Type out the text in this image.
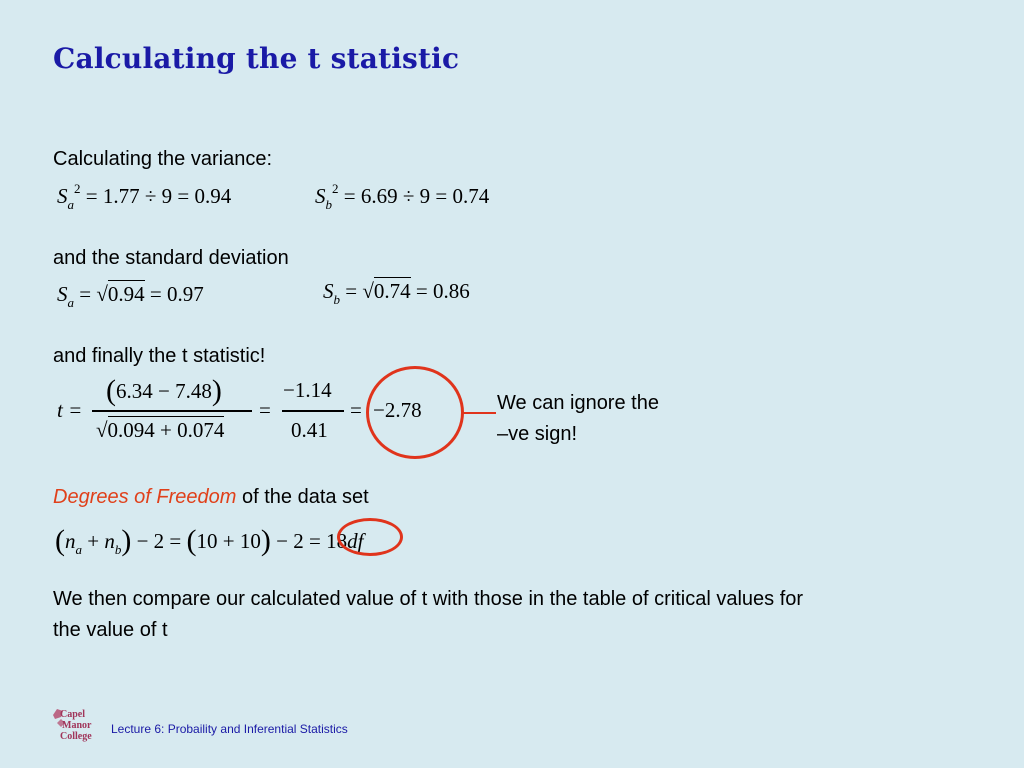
Calculating the t statistic
Calculating the variance:
$S_a^2 = 1.77 \div 9 = 0.94$	$S_b^2 = 6.69 \div 9 = 0.74$
and the standard deviation
$S_a = √0.94 = 0.97$	$S_b = √0.74 = 0.86$
and finally the t statistic!
t =
(6.34 − 7.48)
√0.094 + 0.074
=
−1.14
0.41
= −2.78	We can ignore the
–ve sign!
Degrees of Freedom of the data set
$(n_a + n_b) - 2 = (10 + 10) - 2 = 18df$
We then compare our calculated value of t with those in the table of critical values for
the value of t
Capel
Manor
College
Lecture 6: Probaility and Inferential Statistics
